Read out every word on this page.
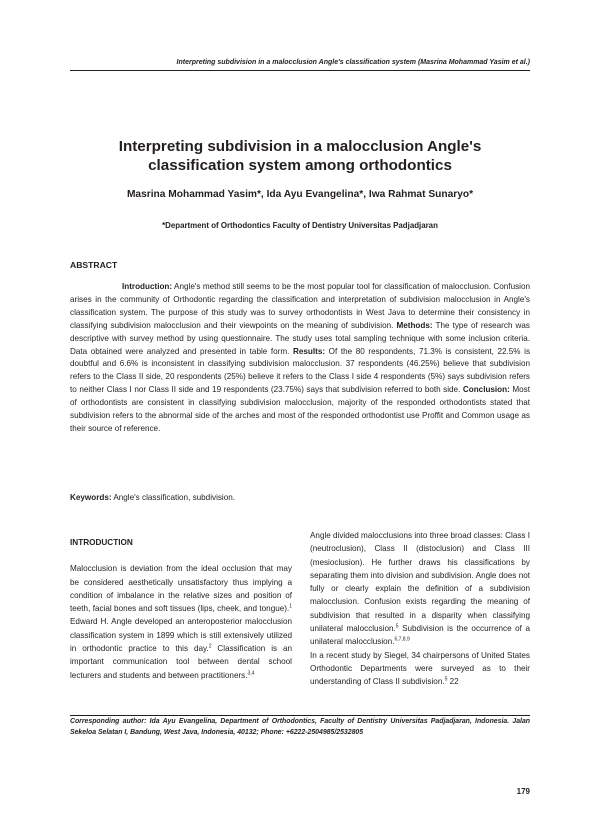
Interpreting subdivision in a malocclusion Angle's classification system (Masrina Mohammad Yasim et al.)
Interpreting subdivision in a malocclusion Angle's
classification system among orthodontics
Masrina Mohammad Yasim*, Ida Ayu Evangelina*, Iwa Rahmat Sunaryo*
*Department of Orthodontics Faculty of Dentistry Universitas Padjadjaran
ABSTRACT
Introduction: Angle's method still seems to be the most popular tool for classification of malocclusion. Confusion arises in the community of Orthodontic regarding the classification and interpretation of subdivision malocclusion in Angle's classification system. The purpose of this study was to survey orthodontists in West Java to determine their consistency in classifying subdivision malocclusion and their viewpoints on the meaning of subdivision. Methods: The type of research was descriptive with survey method by using questionnaire. The study uses total sampling technique with some inclusion criteria. Data obtained were analyzed and presented in table form. Results: Of the 80 respondents, 71.3% is consistent, 22.5% is doubtful and 6.6% is inconsistent in classifying subdivision malocclusion. 37 respondents (46.25%) believe that subdivision refers to the Class II side, 20 respondents (25%) believe it refers to the Class I side 4 respondents (5%) says subdivision refers to neither Class I nor Class II side and 19 respondents (23.75%) says that subdivision referred to both side. Conclusion: Most of orthodontists are consistent in classifying subdivision malocclusion, majority of the responded orthodontists stated that subdivision refers to the abnormal side of the arches and most of the responded orthodontist use Proffit and Common usage as their source of reference.
Keywords: Angle's classification, subdivision.
INTRODUCTION

Malocclusion is deviation from the ideal occlusion that may be considered aesthetically unsatisfactory thus implying a condition of imbalance in the relative sizes and position of teeth, facial bones and soft tissues (lips, cheek, and tongue).$^1$ Edward H. Angle developed an anteroposterior malocclusion classification system in 1899 which is still extensively utilized in orthodontic practice to this day.$^2$ Classification is an important communication tool between dental school lecturers and students and between practitioners.$^{3,4}$

Angle divided malocclusions into three broad classes: Class I (neutroclusion), Class II (distoclusion) and Class III (mesioclusion). He further draws his classifications by separating them into division and subdivision. Angle does not fully or clearly explain the definition of a subdivision malocclusion. Confusion exists regarding the meaning of subdivision that resulted in a disparity when classifying unilateral malocclusion.$^5$ Subdivision is the occurrence of a unilateral malocclusion.$^{6,7,8,9}$

In a recent study by Siegel, 34 chairpersons of United States Orthodontic Departments were surveyed as to their understanding of Class II subdivision.$^5$ 22

Corresponding author: Ida Ayu Evangelina, Department of Orthodontics, Faculty of Dentistry Universitas Padjadjaran, Indonesia. Jalan Sekeloa Selatan I, Bandung, West Java, Indonesia, 40132; Phone: +6222-2504985/2532805
179
